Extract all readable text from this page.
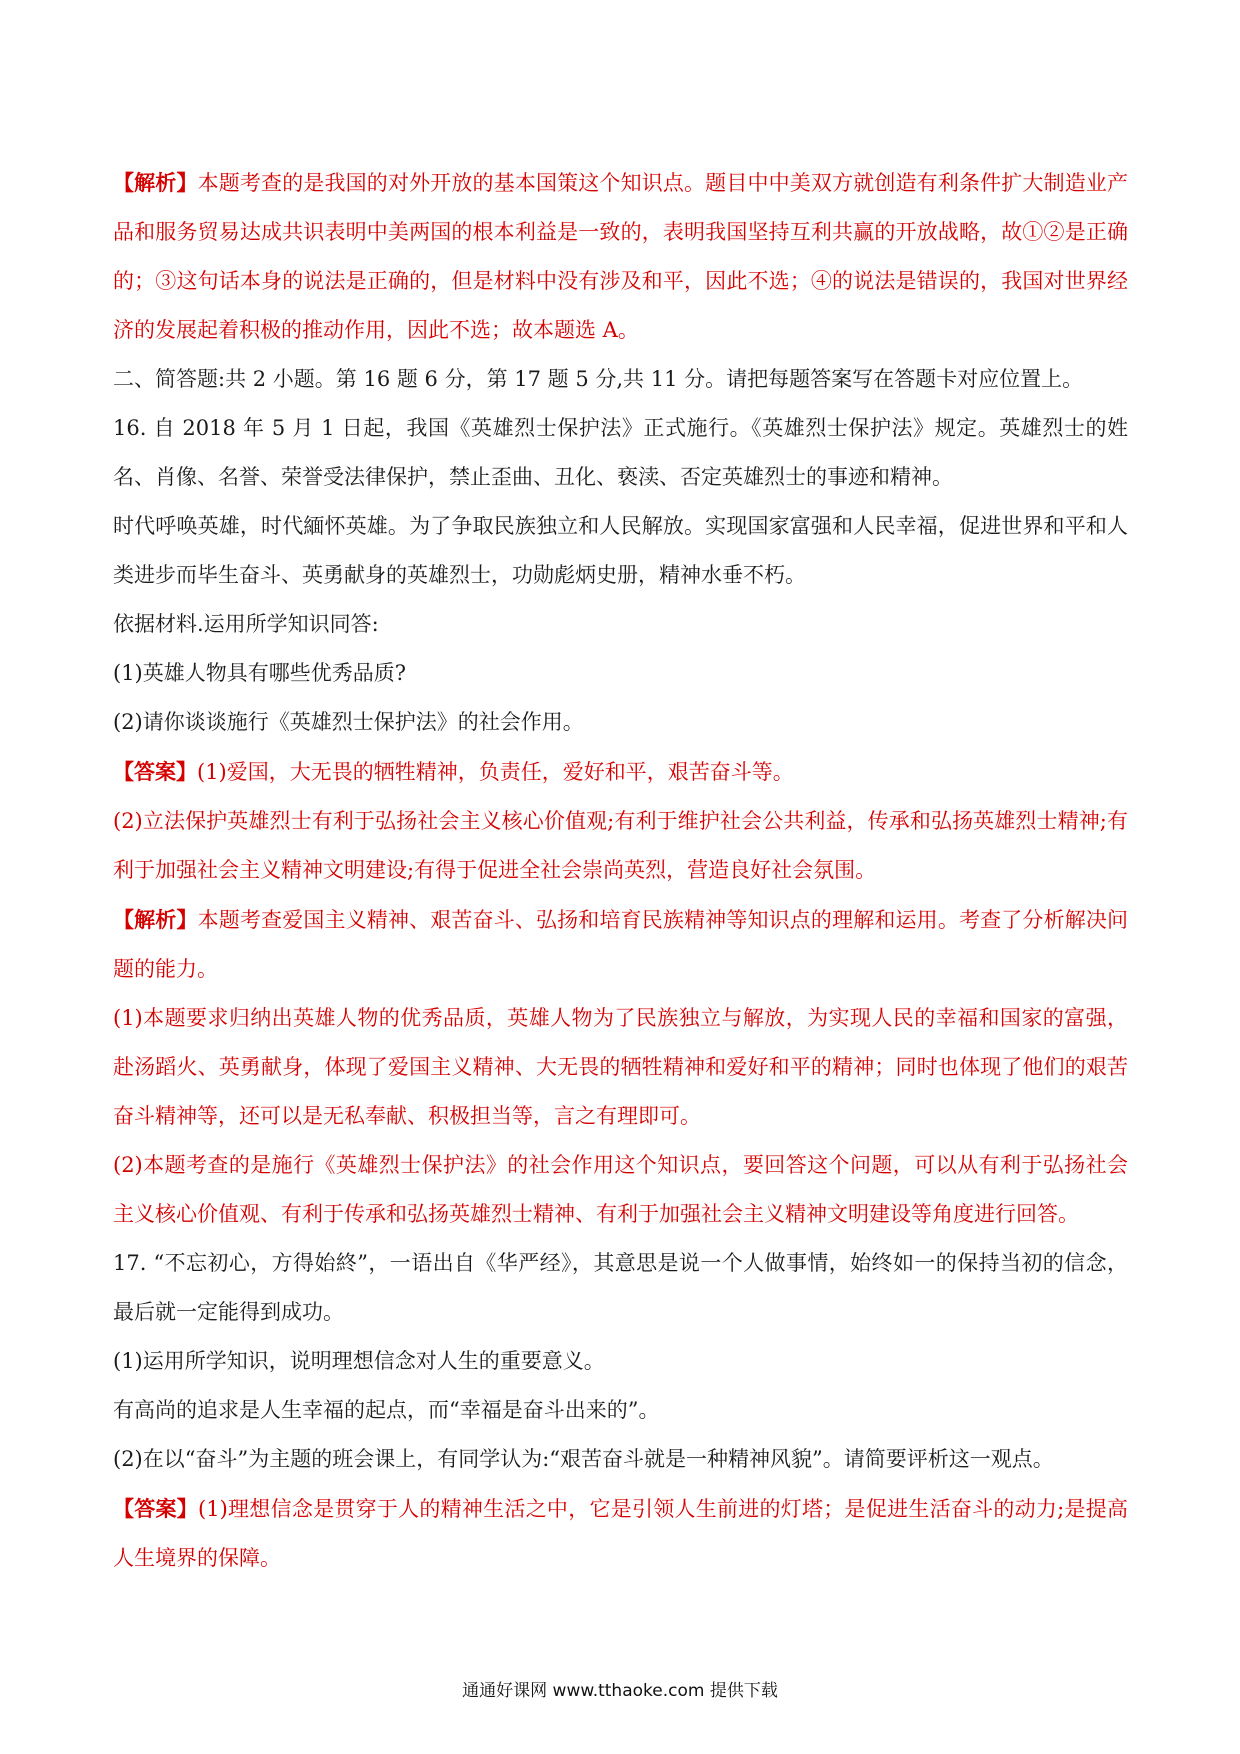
【解析】本题考查的是我国的对外开放的基本国策这个知识点。题目中中美双方就创造有利条件扩大制造业产品和服务贸易达成共识表明中美两国的根本利益是一致的，表明我国坚持互利共赢的开放战略，故①②是正确的；③这句话本身的说法是正确的，但是材料中没有涉及和平，因此不选；④的说法是错误的，我国对世界经济的发展起着积极的推动作用，因此不选；故本题选 A。

二、简答题:共 2 小题。第 16 题 6 分，第 17 题 5 分,共 11 分。请把每题答案写在答题卡对应位置上。

16. 自 2018 年 5 月 1 日起，我国《英雄烈士保护法》正式施行。《英雄烈士保护法》规定。英雄烈士的姓名、肖像、名誉、荣誉受法律保护，禁止歪曲、丑化、亵渎、否定英雄烈士的事迹和精神。

时代呼唤英雄，时代緬怀英雄。为了争取民族独立和人民解放。实现国家富强和人民幸福，促进世界和平和人类进步而毕生奋斗、英勇献身的英雄烈士，功勋彪炳史册，精神水垂不朽。

依据材料.运用所学知识同答:

(1)英雄人物具有哪些优秀品质?

(2)请你谈谈施行《英雄烈士保护法》的社会作用。

【答案】(1)爱国，大无畏的牺牲精神，负责任，爱好和平，艰苦奋斗等。

(2)立法保护英雄烈士有利于弘扬社会主义核心价值观;有利于维护社会公共利益，传承和弘扬英雄烈士精神;有利于加强社会主义精神文明建设;有得于促进全社会崇尚英烈，营造良好社会氛围。

【解析】本题考查爱国主义精神、艰苦奋斗、弘扬和培育民族精神等知识点的理解和运用。考查了分析解决问题的能力。

(1)本题要求归纳出英雄人物的优秀品质，英雄人物为了民族独立与解放，为实现人民的幸福和国家的富强，赴汤蹈火、英勇献身，体现了爱国主义精神、大无畏的牺牲精神和爱好和平的精神；同时也体现了他们的艰苦奋斗精神等，还可以是无私奉献、积极担当等，言之有理即可。

(2)本题考查的是施行《英雄烈士保护法》的社会作用这个知识点，要回答这个问题，可以从有利于弘扬社会主义核心价值观、有利于传承和弘扬英雄烈士精神、有利于加强社会主义精神文明建设等角度进行回答。

17. “不忘初心，方得始終”，一语出自《华严经》，其意思是说一个人做事情，始终如一的保持当初的信念，最后就一定能得到成功。

(1)运用所学知识，说明理想信念对人生的重要意义。

有高尚的追求是人生幸福的起点，而“幸福是奋斗出来的”。

(2)在以“奋斗”为主题的班会课上，有同学认为:“艰苦奋斗就是一种精神风貌”。请简要评析这一观点。

【答案】(1)理想信念是贯穿于人的精神生活之中，它是引领人生前进的灯塔；是促进生活奋斗的动力;是提高人生境界的保障。

通通好课网 www.tthaoke.com 提供下载
